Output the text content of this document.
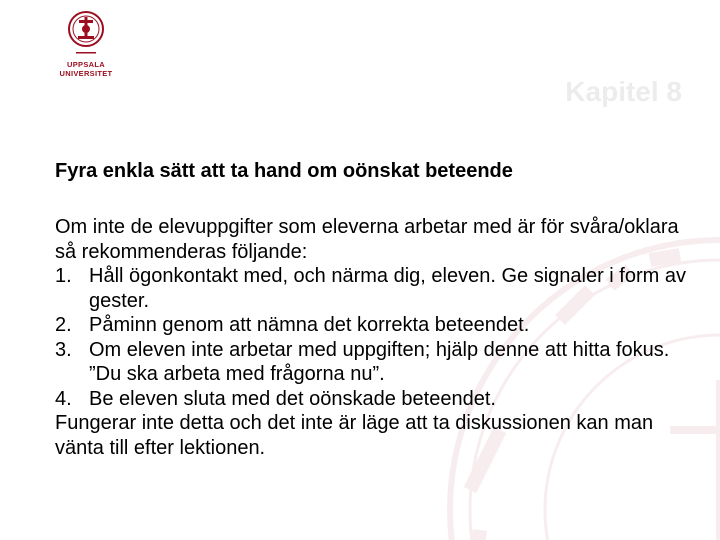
UPPSALA
UNIVERSITET
Kapitel 8
Fyra enkla sätt att ta hand om oönskat beteende

Om inte de elevuppgifter som eleverna arbetar med är för svåra/oklara så rekommenderas följande:

1. Håll ögonkontakt med, och närma dig, eleven. Ge signaler i form av gester.
2. Påminn genom att nämna det korrekta beteendet.
3. Om eleven inte arbetar med uppgiften; hjälp denne att hitta fokus. ”Du ska arbeta med frågorna nu”.
4. Be eleven sluta med det oönskade beteendet.

Fungerar inte detta och det inte är läge att ta diskussionen kan man vänta till efter lektionen.
